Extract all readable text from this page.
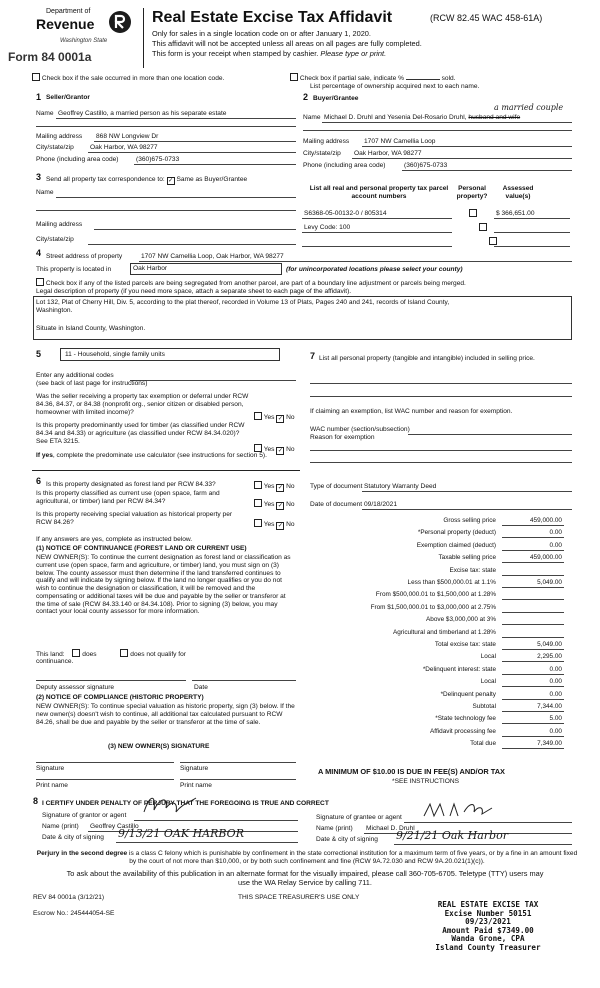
Department of
Revenue
Washington State
Form 84 0001a
Real Estate Excise Tax Affidavit	(RCW 82.45 WAC 458-61A)
Only for sales in a single location code on or after January 1, 2020.
This affidavit will not be accepted unless all areas on all pages are fully completed.
This form is your receipt when stamped by cashier. Please type or print.
Check box if the sale occurred in more than one location code.	Check box if partial sale, indicate %	sold.
List percentage of ownership acquired next to each name.
1 Seller/Grantor
Name Geoffrey Castillo, a married person as his separate estate
Mailing address 868 NW Longview Dr
City/state/zip Oak Harbor, WA 98277
Phone (including area code)	(360)675-0733
2 Buyer/Grantee
a married couple
Name Michael D. Druhl and Yesenia Del-Rosario Druhl, husband and wife
Mailing address 1707 NW Camellia Loop
City/state/zip Oak Harbor, WA 98277
Phone (including area code)	(360)675-0733
3 Send all property tax correspondence to: ✓ Same as Buyer/Grantee
Name
Mailing address
City/state/zip
List all real and personal property tax parcel account numbers
Personal property?
Assessed value(s)
S6368-05-00132-0 / 805314
	$ 366,651.00
Levy Code: 100

4 Street address of property	1707 NW Camellia Loop, Oak Harbor, WA 98277
This property is located in	Oak Harbor	(for unincorporated locations please select your county)
Check box if any of the listed parcels are being segregated from another parcel, are part of a boundary line adjustment or parcels being merged.
Legal description of property (if you need more space, attach a separate sheet to each page of the affidavit).
Lot 132, Plat of Cherry Hill, Div. 5, according to the plat thereof, recorded in Volume 13 of Plats, Pages 240 and 241, records of Island County,
Washington.
Situate in Island County, Washington.
5	11 - Household, single family units
Enter any additional codes
(see back of last page for instructions)
Was the seller receiving a property tax exemption or deferral under RCW 84.36, 84.37, or 84.38 (nonprofit org., senior citizen or disabled person, homeowner with limited income)?
Yes ✓ No
Is this property predominantly used for timber (as classified under RCW 84.34 and 84.33) or agriculture (as classified under RCW 84.34.020)? See ETA 3215.
Yes ✓ No
If yes, complete the predominate use calculator (see instructions for section 5).
7 List all personal property (tangible and intangible) included in selling price.
If claiming an exemption, list WAC number and reason for exemption.
WAC number (section/subsection)
Reason for exemption
6 Is this property designated as forest land per RCW 84.33?	Yes ✓ No
Is this property classified as current use (open space, farm and agricultural, or timber) land per RCW 84.34?	Yes ✓ No
Is this property receiving special valuation as historical property per RCW 84.26?	Yes ✓ No
If any answers are yes, complete as instructed below.
(1) NOTICE OF CONTINUANCE (FOREST LAND OR CURRENT USE)
NEW OWNER(S): To continue the current designation as forest land or classification as current use (open space, farm and agriculture, or timber) land, you must sign on (3) below. The county assessor must then determine if the land transferred continues to qualify and will indicate by signing below. If the land no longer qualifies or you do not wish to continue the designation or classification, it will be removed and the compensating or additional taxes will be due and payable by the seller or transferor at the time of sale (RCW 84.33.140 or 84.34.108). Prior to signing (3) below, you may contact your local county assessor for more information.
This land:	does	does not qualify for
continuance.
Deputy assessor signature	Date
(2) NOTICE OF COMPLIANCE (HISTORIC PROPERTY)
NEW OWNER(S): To continue special valuation as historic property, sign (3) below. If the new owner(s) doesn't wish to continue, all additional tax calculated pursuant to RCW 84.26, shall be due and payable by the seller or transferor at the time of sale.
(3) NEW OWNER(S) SIGNATURE
Signature	Signature
Print name	Print name
Type of document Statutory Warranty Deed
Date of document 09/18/2021
Gross selling price	459,000.00
*Personal property (deduct)	0.00
Exemption claimed (deduct)	0.00
Taxable selling price	459,000.00
Excise tax: state
Less than $500,000.01 at 1.1%	5,049.00
From $500,000.01 to $1,500,000 at 1.28%
From $1,500,000.01 to $3,000,000 at 2.75%
Above $3,000,000 at 3%
Agricultural and timberland at 1.28%
Total excise tax: state	5,049.00
Local	2,295.00
*Delinquent interest: state	0.00
Local	0.00
*Delinquent penalty	0.00
Subtotal	7,344.00
*State technology fee	5.00
Affidavit processing fee	0.00
Total due	7,349.00
A MINIMUM OF $10.00 IS DUE IN FEE(S) AND/OR TAX
*SEE INSTRUCTIONS
8 I CERTIFY UNDER PENALTY OF PERJURY THAT THE FOREGOING IS TRUE AND CORRECT
Signature of grantor or agent
Name (print) Geoffrey Castillo
Date & city of signing 9/13/21 OAK HARBOR
Signature of grantee or agent
Name (print) Michael D. Druhl
Date & city of signing 9/21/21 Oak Harbor
Perjury in the second degree is a class C felony which is punishable by confinement in the state correctional institution for a maximum term of five years, or by a fine in an amount fixed by the court of not more than $10,000, or by both such confinement and fine (RCW 9A.72.030 and RCW 9A.20.021(1)(c)).
To ask about the availability of this publication in an alternate format for the visually impaired, please call 360-705-6705. Teletype (TTY) users may use the WA Relay Service by calling 711.
REV 84 0001a (3/12/21)	THIS SPACE TREASURER'S USE ONLY
Escrow No.: 245444054-SE
REAL ESTATE EXCISE TAX
Excise Number 50151
09/23/2021
Amount Paid $7349.00
Wanda Grone, CPA
Island County Treasurer
